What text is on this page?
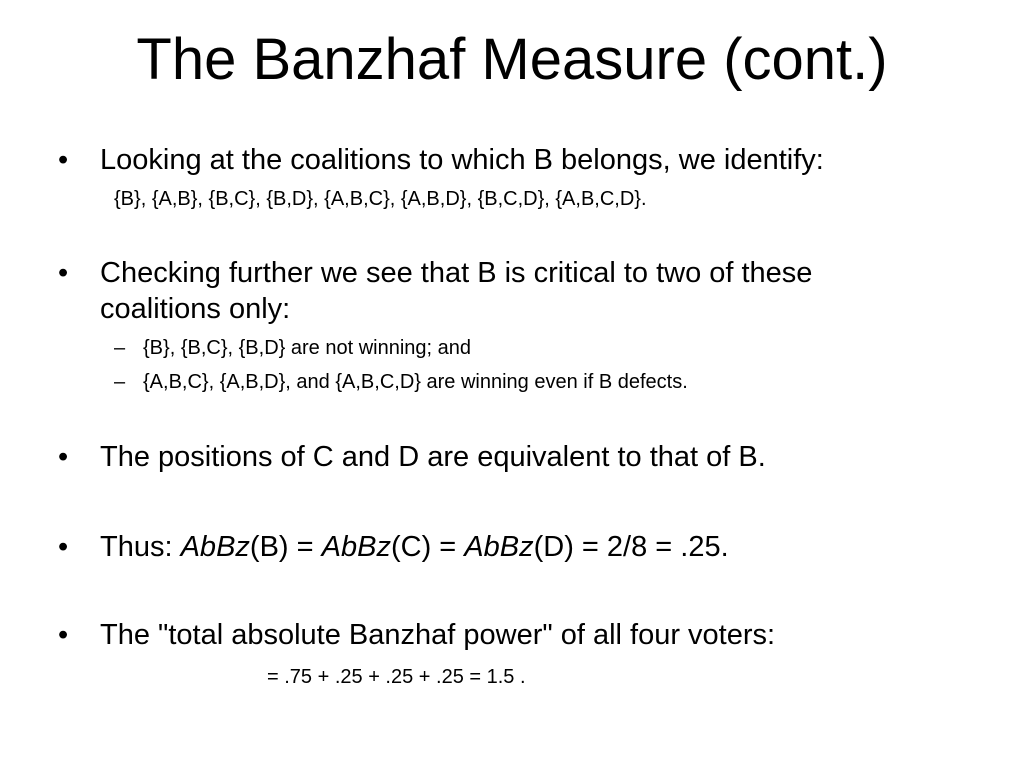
The Banzhaf Measure (cont.)
• Looking at the coalitions to which B belongs, we identify:
{B}, {A,B}, {B,C}, {B,D}, {A,B,C}, {A,B,D}, {B,C,D}, {A,B,C,D}.
• Checking further we see that B is critical to two of these
coalitions only:
– {B}, {B,C}, {B,D} are not winning; and
– {A,B,C}, {A,B,D}, and {A,B,C,D} are winning even if B defects.
• The positions of C and D are equivalent to that of B.
• Thus: AbBz(B) = AbBz(C) = AbBz(D) = 2/8 = .25.
• The "total absolute Banzhaf power" of all four voters:
= .75 + .25 + .25 + .25 = 1.5 .
